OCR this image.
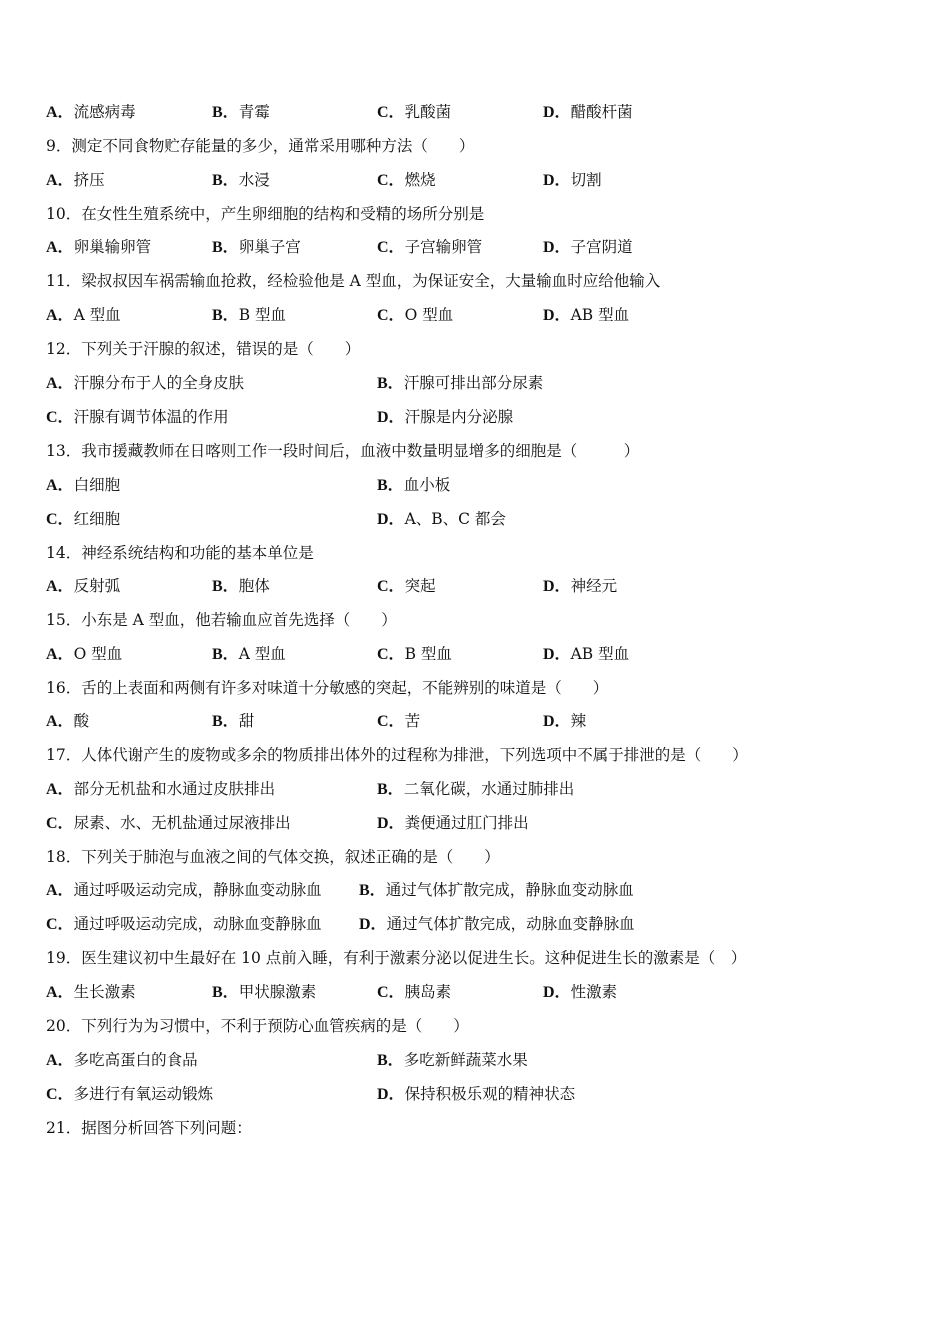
A．流感病毒	B．青霉	C．乳酸菌	D．醋酸杆菌
9．测定不同食物贮存能量的多少，通常采用哪种方法（　　）
A．挤压	B．水浸	C．燃烧	D．切割
10．在女性生殖系统中，产生卵细胞的结构和受精的场所分别是
A．卵巢输卵管	B．卵巢子宫	C．子宫输卵管	D．子宫阴道
11．梁叔叔因车祸需输血抢救，经检验他是 A 型血，为保证安全，大量输血时应给他输入
A．A 型血	B．B 型血	C．O 型血	D．AB 型血
12．下列关于汗腺的叙述，错误的是（　　）
A．汗腺分布于人的全身皮肤	B．汗腺可排出部分尿素
C．汗腺有调节体温的作用	D．汗腺是内分泌腺
13．我市援藏教师在日喀则工作一段时间后，血液中数量明显增多的细胞是（　　　）
A．白细胞	B．血小板
C．红细胞	D．A、B、C 都会
14．神经系统结构和功能的基本单位是
A．反射弧	B．胞体	C．突起	D．神经元
15．小东是 A 型血，他若输血应首先选择（　　）
A．O 型血	B．A 型血	C．B 型血	D．AB 型血
16．舌的上表面和两侧有许多对味道十分敏感的突起，不能辨别的味道是（　　）
A．酸	B．甜	C．苦	D．辣
17．人体代谢产生的废物或多余的物质排出体外的过程称为排泄，下列选项中不属于排泄的是（　　）
A．部分无机盐和水通过皮肤排出	B．二氧化碳，水通过肺排出
C．尿素、水、无机盐通过尿液排出	D．粪便通过肛门排出
18．下列关于肺泡与血液之间的气体交换，叙述正确的是（　　）
A．通过呼吸运动完成，静脉血变动脉血 B．通过气体扩散完成，静脉血变动脉血
C．通过呼吸运动完成，动脉血变静脉血 D．通过气体扩散完成，动脉血变静脉血
19．医生建议初中生最好在 10 点前入睡，有利于激素分泌以促进生长。这种促进生长的激素是（　）
A．生长激素	B．甲状腺激素	C．胰岛素	D．性激素
20．下列行为为习惯中，不利于预防心血管疾病的是（　　）
A．多吃高蛋白的食品	B．多吃新鲜蔬菜水果
C．多进行有氧运动锻炼	D．保持积极乐观的精神状态
21．据图分析回答下列问题：
